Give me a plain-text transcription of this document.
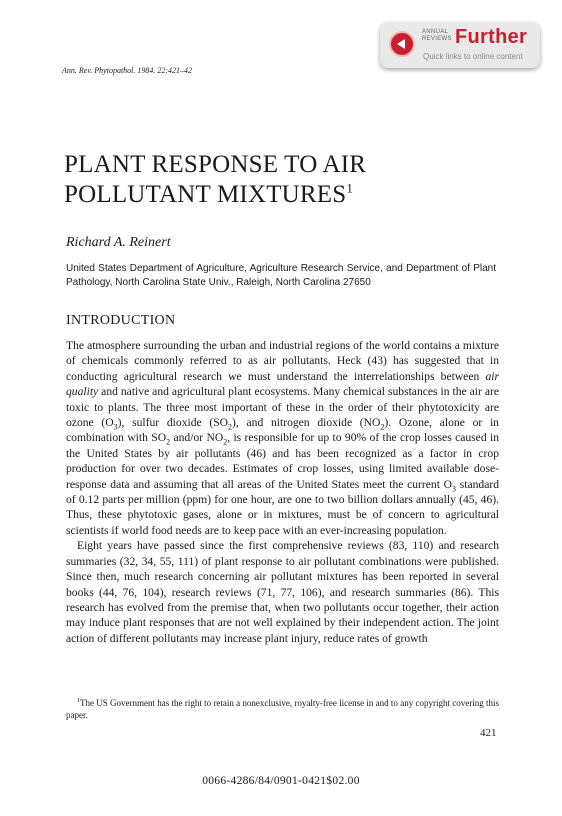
ANNUAL
REVIEWS Further
Quick links to online content
Ann. Rev. Phytopathol. 1984. 22:421–42
PLANT RESPONSE TO AIR
POLLUTANT MIXTURES$^1$
Richard A. Reinert
United States Department of Agriculture, Agriculture Research Service, and Department of Plant Pathology, North Carolina State Univ., Raleigh, North Carolina 27650
INTRODUCTION

The atmosphere surrounding the urban and industrial regions of the world contains a mixture of chemicals commonly referred to as air pollutants. Heck (43) has suggested that in conducting agricultural research we must understand the interrelationships between air quality and native and agricultural plant ecosystems. Many chemical substances in the air are toxic to plants. The three most important of these in the order of their phytotoxicity are ozone $(O_3)$, sulfur dioxide $(SO_2)$, and nitrogen dioxide $(NO_2)$. Ozone, alone or in combination with $SO_2$ and/or $NO_2$, is responsible for up to 90% of the crop losses caused in the United States by air pollutants (46) and has been recognized as a factor in crop production for over two decades. Estimates of crop losses, using limited available dose-response data and assuming that all areas of the United States meet the current $O_3$ standard of 0.12 parts per million (ppm) for one hour, are one to two billion dollars annually (45, 46). Thus, these phytotoxic gases, alone or in mixtures, must be of concern to agricultural scientists if world food needs are to keep pace with an ever-increasing population.

Eight years have passed since the first comprehensive reviews (83, 110) and research summaries (32, 34, 55, 111) of plant response to air pollutant combinations were published. Since then, much research concerning air pollutant mixtures has been reported in several books (44, 76, 104), research reviews (71, 77, 106), and research summaries (86). This research has evolved from the premise that, when two pollutants occur together, their action may induce plant responses that are not well explained by their independent action. The joint action of different pollutants may increase plant injury, reduce rates of growth

$^1$The US Government has the right to retain a nonexclusive, royalty-free license in and to any copyright covering this paper.
421
0066-4286/84/0901-0421$02.00
